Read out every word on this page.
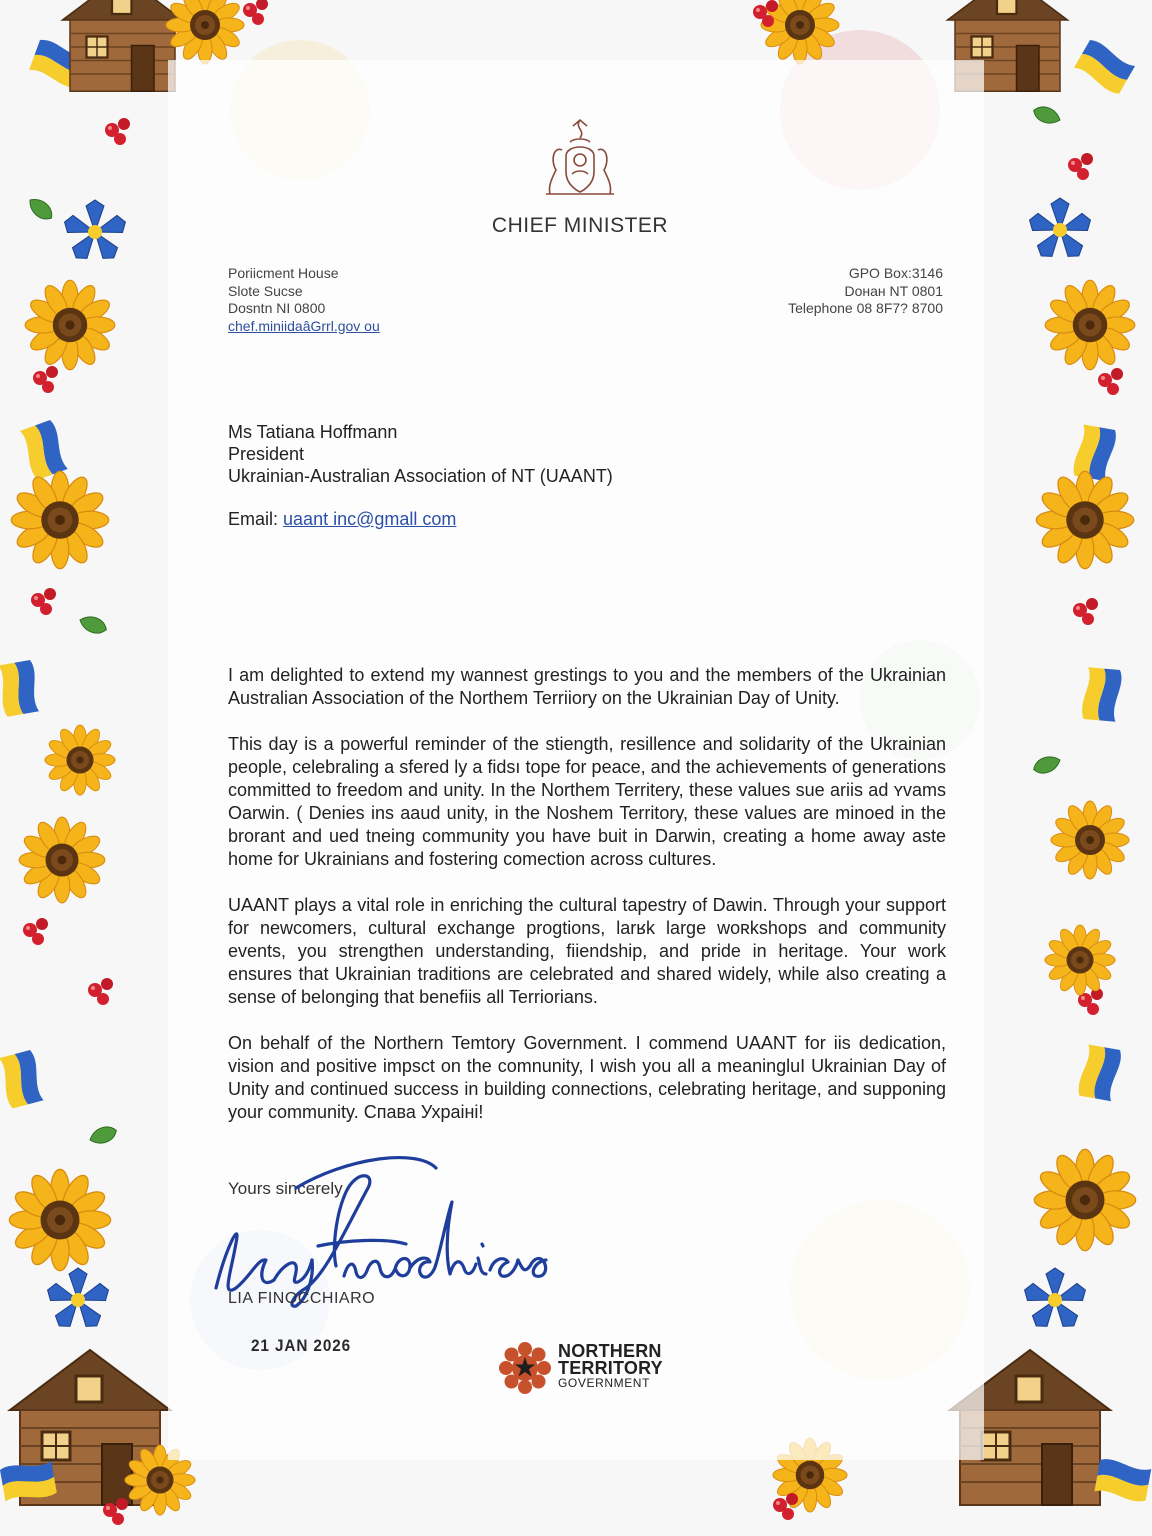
CHIEF MINISTER
Poriicment House
Slote Sucse
Dosntn NI 0800
chef.miniidaâGrrl.gov ou
GPO Box:3146
Doнан NT 0801
Telephone 08 8F7? 8700
Ms Tatiana Hoffmann
President
Ukrainian-Australian Association of NT (UAANT)
Email: uaant inc@gmall com

I am delighted to extend my wannest grestings to you and the members of the Ukrainian Australian Association of the Northem Terriiory on the Ukrainian Day of Unity.

This day is a powerful reminder of the stiength, resillence and solidarity of the Ukrainian people, celebraling a sfered ly a fidsı tope for peace, and the achievements of generations committed to freedom and unity. In the Northem Territery, these values sue ariis ad ʏvams Oarwin. ( Denies ins aaud unity, in the Noshem Territory, these values are minoed in the brorant and ued tneing community you have buit in Darwin, creating a home away aste home for Ukrainians and fostering comection across cultures.

UAANT plays a vital role in enriching the cultural tapestry of Dawin. Through your support for newcomers, cultural exchange progtions, larʁk large woʀkshops and community events, you strengthen understanding, fiiendship, and pride in heritage. Your work ensures that Ukrainian traditions are celebrated and shared widely, while also creating a sense of belonging that benefiis all Terriorians.

On behalf of the Northern Temtory Government. I commend UAANT for iis dedication, vision and positive impsct on the comnunity, I wish you all a meaningluI Ukrainian Day of Unity and continued success in building connections, celebrating heritage, and supponing your community. Спава Ухраіні!

Yours sincerely
LIA FINOCCHIARO
21 JAN 2026	NORTHERN
TERRITORY
GOVERNMENT
